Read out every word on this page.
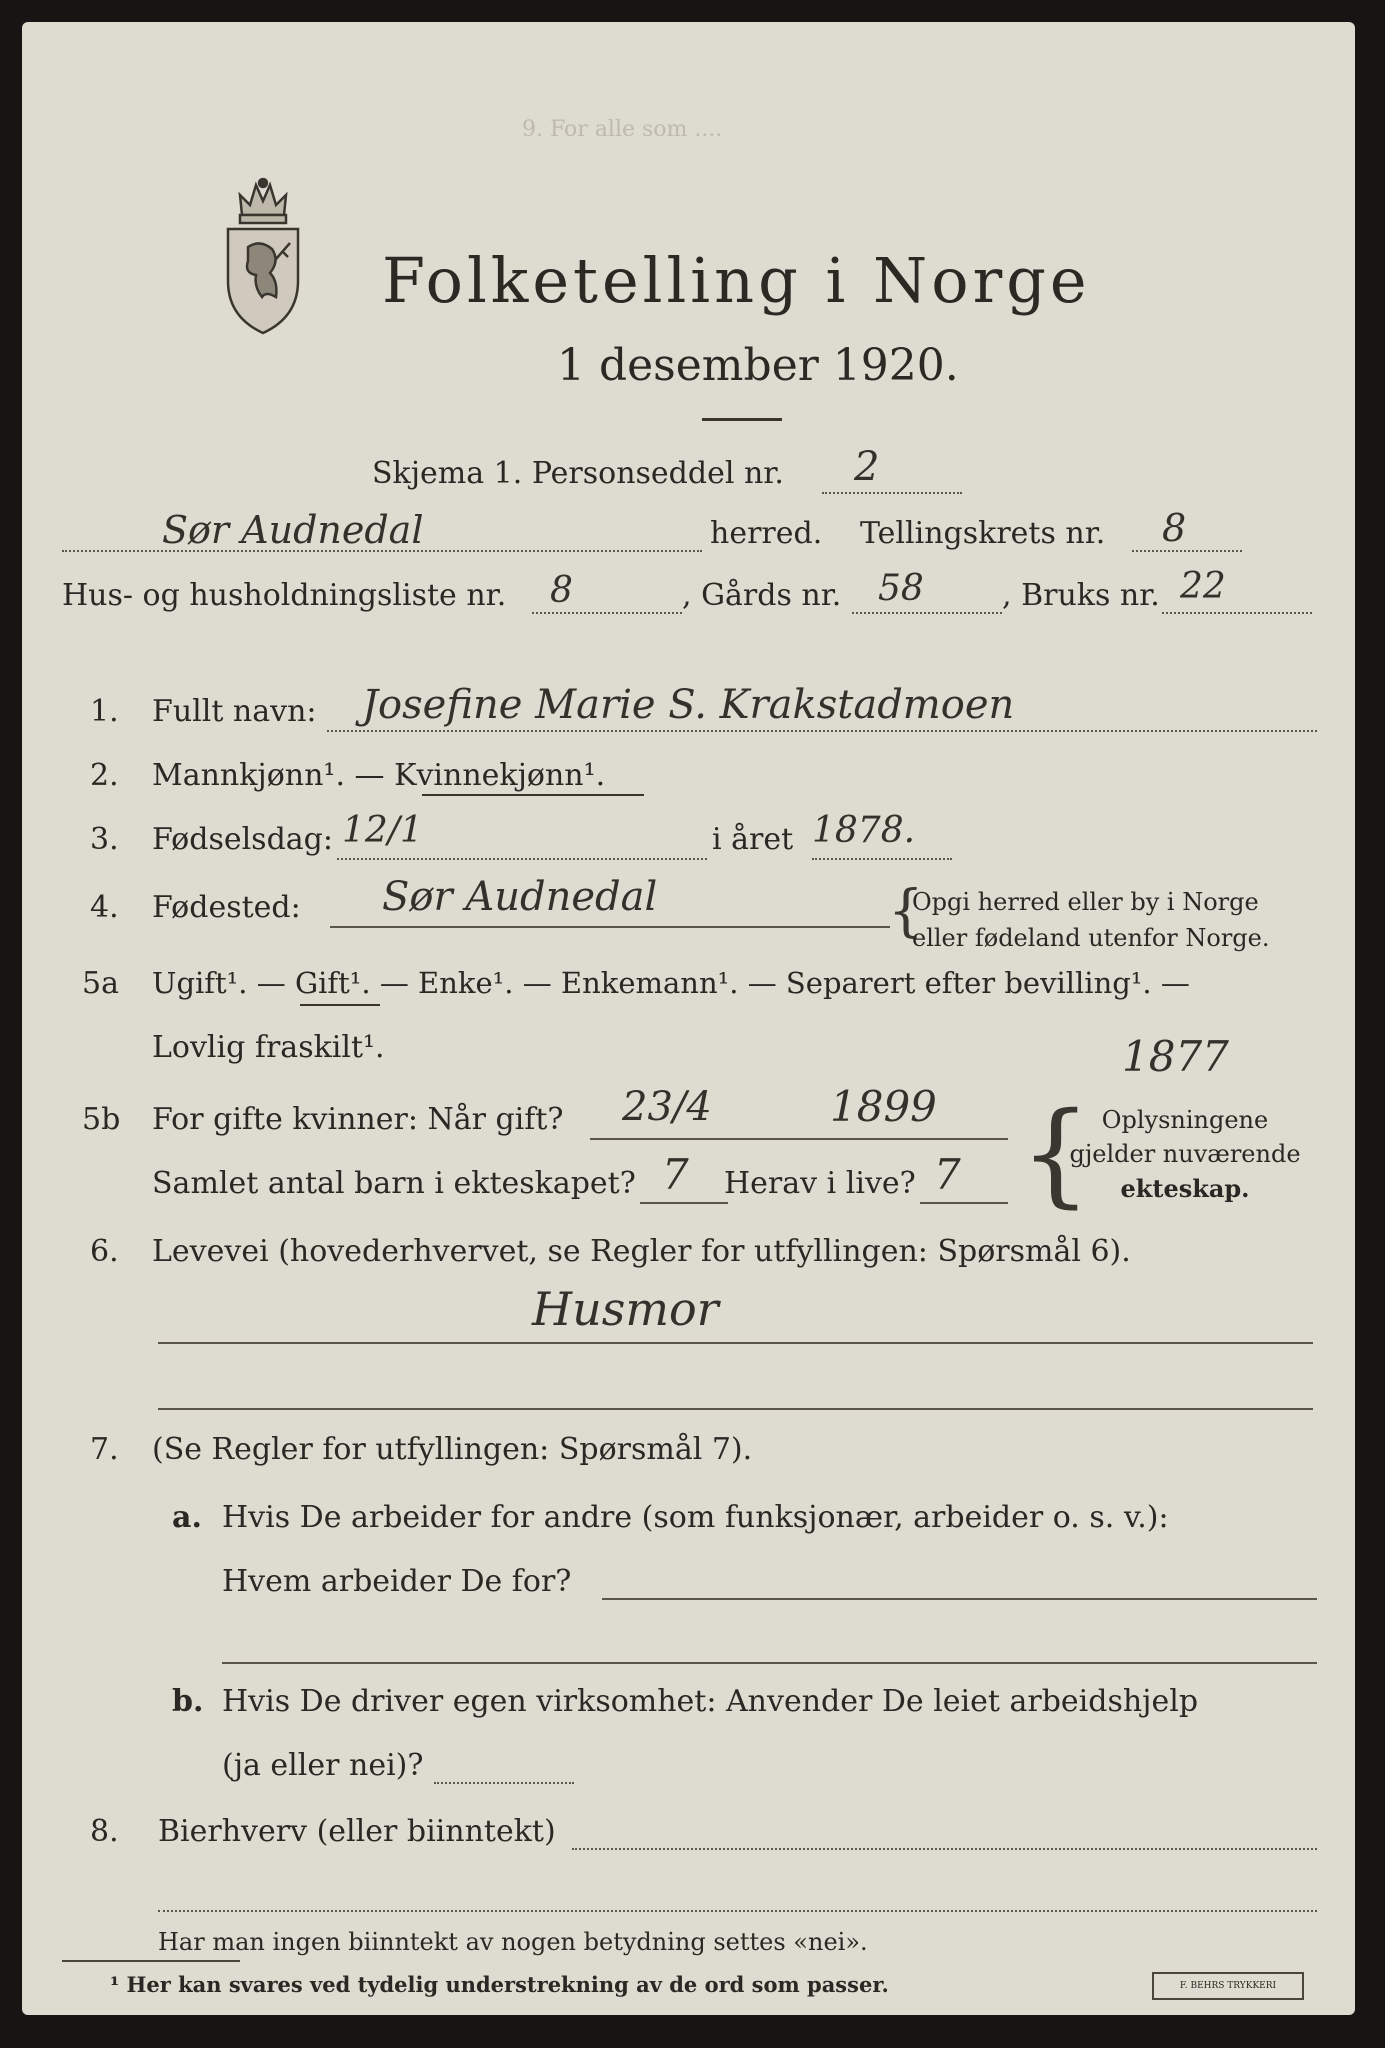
9. For alle som ....
Folketelling i Norge
1 desember 1920.
Skjema 1. Personseddel nr. 2
Sør Audnedal	herred. Tellingskrets nr. 8
Hus- og husholdningsliste nr. 8	, Gårds nr. 58	, Bruks nr. 22
1. Fullt navn: Josefine Marie S. Krakstadmoen
2. Mannkjønn¹. — Kvinnekjønn¹.
3. Fødselsdag: 12/1	i året 1878.
4. Fødested: Sør Audnedal	{
Opgi herred eller by i Norge
eller fødeland utenfor Norge.
5a Ugift¹. — Gift¹. — Enke¹. — Enkemann¹. — Separert efter bevilling¹. —
Lovlig fraskilt¹.	1877
5b For gifte kvinner: Når gift? 23/4	1899
Samlet antal barn i ekteskapet? 7 Herav i live? 7 { Oplysningene
gjelder nuværende
ekteskap.
6. Levevei (hovederhvervet, se Regler for utfyllingen: Spørsmål 6).
Husmor
7. (Se Regler for utfyllingen: Spørsmål 7).
a. Hvis De arbeider for andre (som funksjonær, arbeider o. s. v.):
Hvem arbeider De for?
b. Hvis De driver egen virksomhet: Anvender De leiet arbeidshjelp
(ja eller nei)?
8. Bierhverv (eller biinntekt)
Har man ingen biinntekt av nogen betydning settes «nei».
¹ Her kan svares ved tydelig understrekning av de ord som passer.	F. BEHRS TRYKKERI
